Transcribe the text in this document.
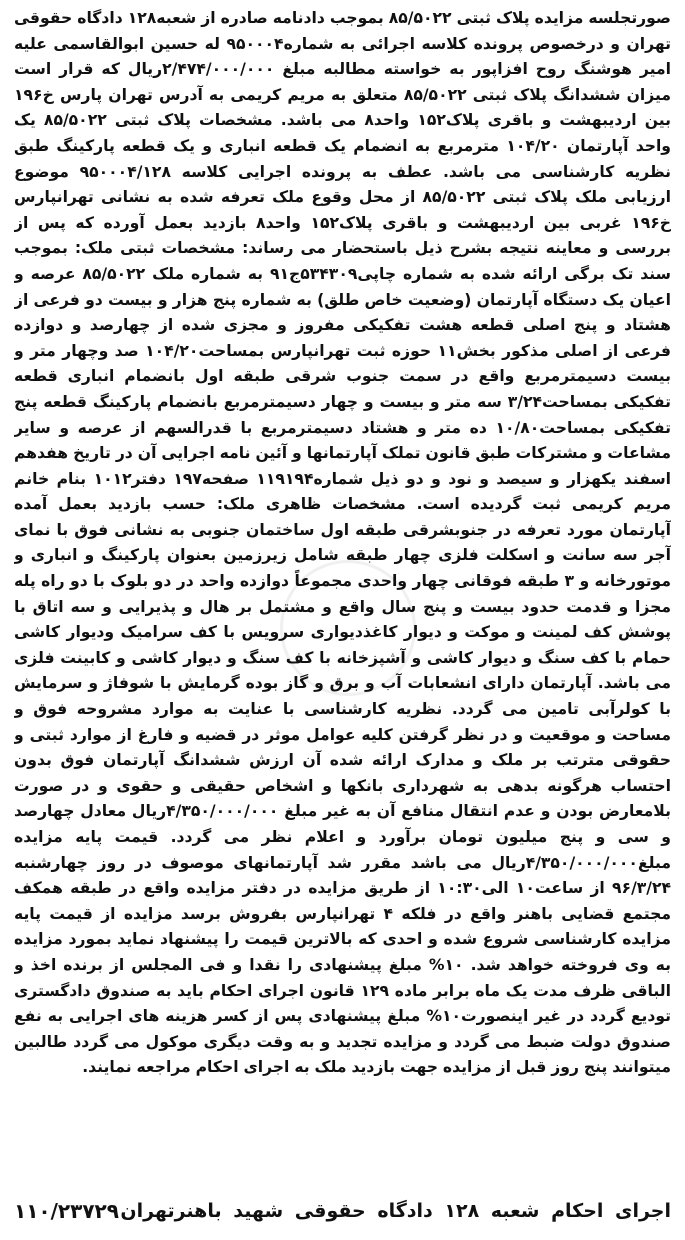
صورتجلسه مزایده پلاک ثبتی ۸۵/۵۰۲۲ بموجب دادنامه صادره از شعبه۱۲۸ دادگاه حقوقی تهران و درخصوص پرونده کلاسه اجرائی به شماره۹۵۰۰۰۴ له حسین ابوالقاسمی علیه امیر هوشنگ روح افزاپور به خواسته مطالبه مبلغ ۲/۴۷۴/۰۰۰/۰۰۰ریال که قرار است میزان ششدانگ پلاک ثبتی ۸۵/۵۰۲۲ متعلق به مریم کریمی به آدرس تهران پارس خ۱۹۶ بین اردیبهشت و باقری پلاک۱۵۲ واحد۸ می باشد. مشخصات پلاک ثبتی ۸۵/۵۰۲۲ یک واحد آپارتمان ۱۰۴/۲۰ مترمربع به انضمام یک قطعه انباری و یک قطعه پارکینگ طبق نظریه کارشناسی می باشد. عطف به پرونده اجرایی کلاسه ۹۵۰۰۰۴/۱۲۸ موضوع ارزیابی ملک پلاک ثبتی ۸۵/۵۰۲۲ از محل وقوع ملک تعرفه شده به نشانی تهرانپارس خ۱۹۶ غربی بین اردیبهشت و باقری پلاک۱۵۲ واحد۸ بازدید بعمل آورده که پس از بررسی و معاینه نتیجه بشرح ذیل باستحضار می رساند: مشخصات ثبتی ملک: بموجب سند تک برگی ارائه شده به شماره چاپی۵۳۴۳۰۹ج۹۱ به شماره ملک ۸۵/۵۰۲۲ عرصه و اعیان یک دستگاه آپارتمان (وضعیت خاص طلق) به شماره پنج هزار و بیست دو فرعی از هشتاد و پنج اصلی قطعه هشت تفکیکی مفروز و مجزی شده از چهارصد و دوازده فرعی از اصلی مذکور بخش۱۱ حوزه ثبت تهرانپارس بمساحت۱۰۴/۲۰ صد وچهار متر و بیست دسیمترمربع واقع در سمت جنوب شرقی طبقه اول بانضمام انباری قطعه تفکیکی بمساحت۳/۲۴ سه متر و بیست و چهار دسیمترمربع بانضمام پارکینگ قطعه پنج تفکیکی بمساحت۱۰/۸۰ ده متر و هشتاد دسیمترمربع با قدرالسهم از عرصه و سایر مشاعات و مشترکات طبق قانون تملک آپارتمانها و آئین نامه اجرایی آن در تاریخ هفدهم اسفند یکهزار و سیصد و نود و دو ذیل شماره۱۱۹۱۹۴ صفحه۱۹۷ دفتر۱۰۱۲ بنام خانم مریم کریمی ثبت گردیده است. مشخصات ظاهری ملک: حسب بازدید بعمل آمده آپارتمان مورد تعرفه در جنوبشرقی طبقه اول ساختمان جنوبی به نشانی فوق با نمای آجر سه سانت و اسکلت فلزی چهار طبقه شامل زیرزمین بعنوان پارکینگ و انباری و موتورخانه و ۳ طبقه فوقانی چهار واحدی مجموعاً دوازده واحد در دو بلوک با دو راه پله مجزا و قدمت حدود بیست و پنج سال واقع و مشتمل بر هال و پذیرایی و سه اتاق با پوشش کف لمینت و موکت و دیوار کاغذدیواری سرویس با کف سرامیک ودیوار کاشی حمام با کف سنگ و دیوار کاشی و آشپزخانه با کف سنگ و دیوار کاشی و کابینت فلزی می باشد. آپارتمان دارای انشعابات آب و برق و گاز بوده گرمایش با شوفاژ و سرمایش با کولرآبی تامین می گردد. نظریه کارشناسی با عنایت به موارد مشروحه فوق و مساحت و موقعیت و در نظر گرفتن کلیه عوامل موثر در قضیه و فارغ از موارد ثبتی و حقوقی مترتب بر ملک و مدارک ارائه شده آن ارزش ششدانگ آپارتمان فوق بدون احتساب هرگونه بدهی به شهرداری بانکها و اشخاص حقیقی و حقوی و در صورت بلامعارض بودن و عدم انتقال منافع آن به غیر مبلغ ۴/۳۵۰/۰۰۰/۰۰۰ریال معادل چهارصد و سی و پنج میلیون تومان برآورد و اعلام نظر می گردد. قیمت پایه مزایده مبلغ۴/۳۵۰/۰۰۰/۰۰۰ریال می باشد مقرر شد آپارتمانهای موصوف در روز چهارشنبه ۹۶/۳/۲۴ از ساعت۱۰ الی۱۰:۳۰ از طریق مزایده در دفتر مزایده واقع در طبقه همکف مجتمع قضایی باهنر واقع در فلکه ۴ تهرانپارس بفروش برسد مزایده از قیمت پایه مزایده کارشناسی شروع شده و احدی که بالاترین قیمت را پیشنهاد نماید بمورد مزایده به وی فروخته خواهد شد. ۱۰% مبلغ پیشنهادی را نقدا و فی المجلس از برنده اخذ و الباقی ظرف مدت یک ماه برابر ماده ۱۲۹ قانون اجرای احکام باید به صندوق دادگستری تودیع گردد در غیر اینصورت۱۰% مبلغ پیشنهادی پس از کسر هزینه های اجرایی به نفع صندوق دولت ضبط می گردد و مزایده تجدید و به وقت دیگری موکول می گردد طالبین میتوانند پنج روز قبل از مزایده جهت بازدید ملک به اجرای احکام مراجعه نمایند.

اجرای احکام شعبه ۱۲۸ دادگاه حقوقی شهید باهنرتهران
۱۱۰/۲۳۷۲۹
